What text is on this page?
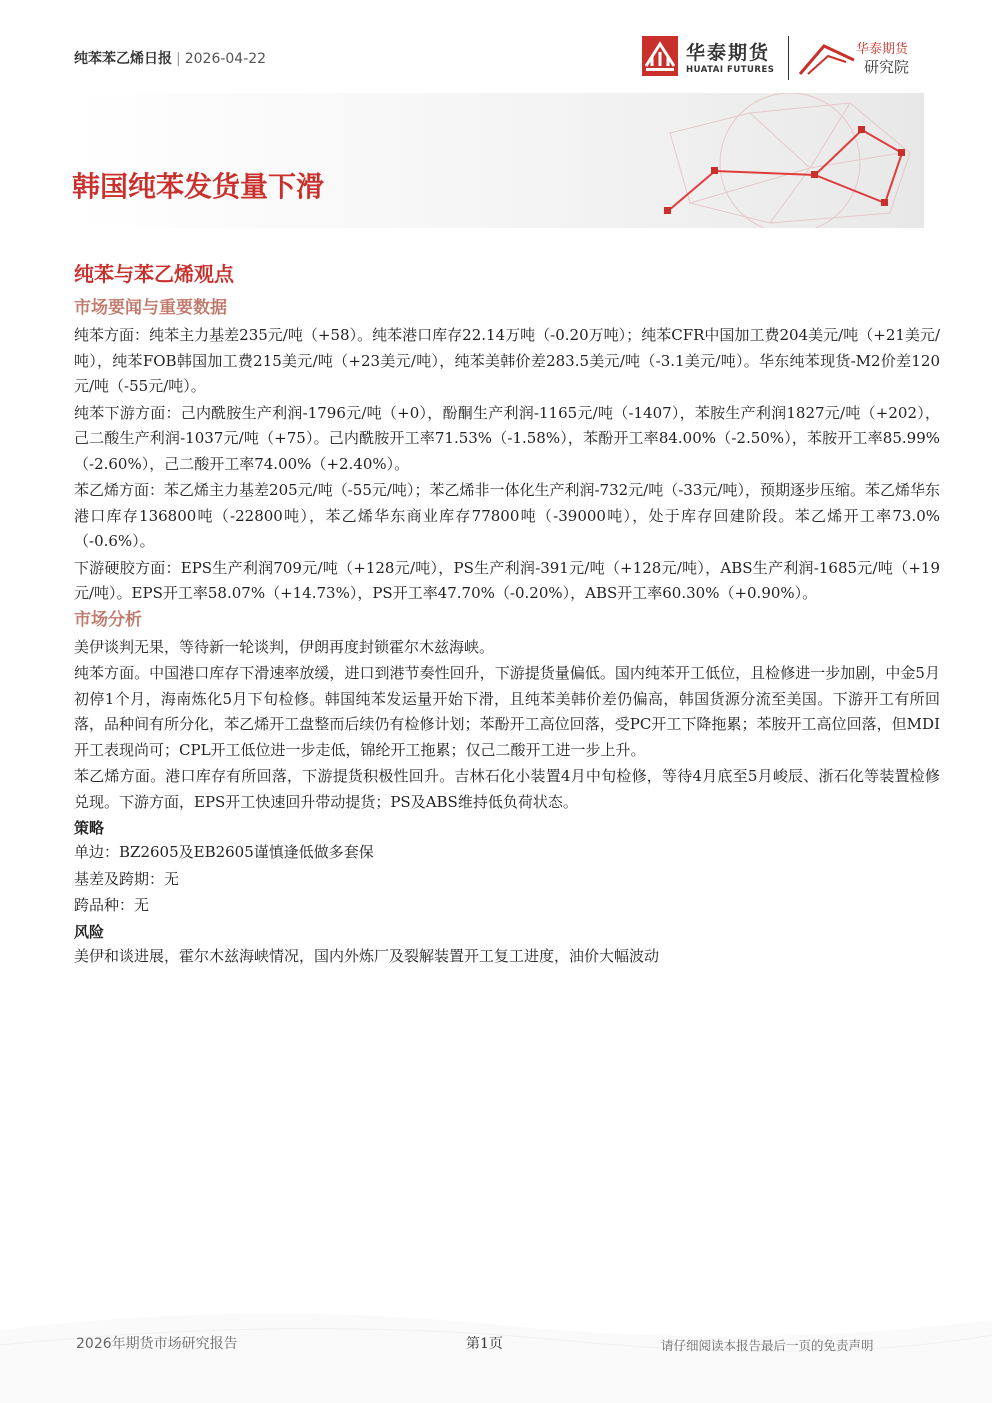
纯苯苯乙烯日报 | 2026-04-22	华泰期货
HUATAI FUTURES
华泰期货
研究院
韩国纯苯发货量下滑
纯苯与苯乙烯观点
市场要闻与重要数据

纯苯方面：纯苯主力基差235元/吨（+58）。纯苯港口库存22.14万吨（-0.20万吨）；纯苯CFR中国加工费204美元/吨（+21美元/吨），纯苯FOB韩国加工费215美元/吨（+23美元/吨），纯苯美韩价差283.5美元/吨（-3.1美元/吨）。华东纯苯现货-M2价差120元/吨（-55元/吨）。

纯苯下游方面：己内酰胺生产利润-1796元/吨（+0），酚酮生产利润-1165元/吨（-1407），苯胺生产利润1827元/吨（+202），己二酸生产利润-1037元/吨（+75）。己内酰胺开工率71.53%（-1.58%），苯酚开工率84.00%（-2.50%），苯胺开工率85.99%（-2.60%），己二酸开工率74.00%（+2.40%）。

苯乙烯方面：苯乙烯主力基差205元/吨（-55元/吨）；苯乙烯非一体化生产利润-732元/吨（-33元/吨），预期逐步压缩。苯乙烯华东港口库存136800吨（-22800吨），苯乙烯华东商业库存77800吨（-39000吨），处于库存回建阶段。苯乙烯开工率73.0%（-0.6%）。

下游硬胶方面：EPS生产利润709元/吨（+128元/吨），PS生产利润-391元/吨（+128元/吨），ABS生产利润-1685元/吨（+19元/吨）。EPS开工率58.07%（+14.73%），PS开工率47.70%（-0.20%），ABS开工率60.30%（+0.90%）。

市场分析

美伊谈判无果，等待新一轮谈判，伊朗再度封锁霍尔木兹海峡。

纯苯方面。中国港口库存下滑速率放缓，进口到港节奏性回升，下游提货量偏低。国内纯苯开工低位，且检修进一步加剧，中金5月初停1个月，海南炼化5月下旬检修。韩国纯苯发运量开始下滑，且纯苯美韩价差仍偏高，韩国货源分流至美国。下游开工有所回落，品种间有所分化，苯乙烯开工盘整而后续仍有检修计划；苯酚开工高位回落，受PC开工下降拖累；苯胺开工高位回落，但MDI开工表现尚可；CPL开工低位进一步走低，锦纶开工拖累；仅己二酸开工进一步上升。

苯乙烯方面。港口库存有所回落，下游提货积极性回升。吉林石化小装置4月中旬检修，等待4月底至5月峻辰、浙石化等装置检修兑现。下游方面，EPS开工快速回升带动提货；PS及ABS维持低负荷状态。

策略

单边：BZ2605及EB2605谨慎逢低做多套保

基差及跨期：无

跨品种：无

风险

美伊和谈进展，霍尔木兹海峡情况，国内外炼厂及裂解装置开工复工进度，油价大幅波动

2026年期货市场研究报告	第1页	请仔细阅读本报告最后一页的免责声明
